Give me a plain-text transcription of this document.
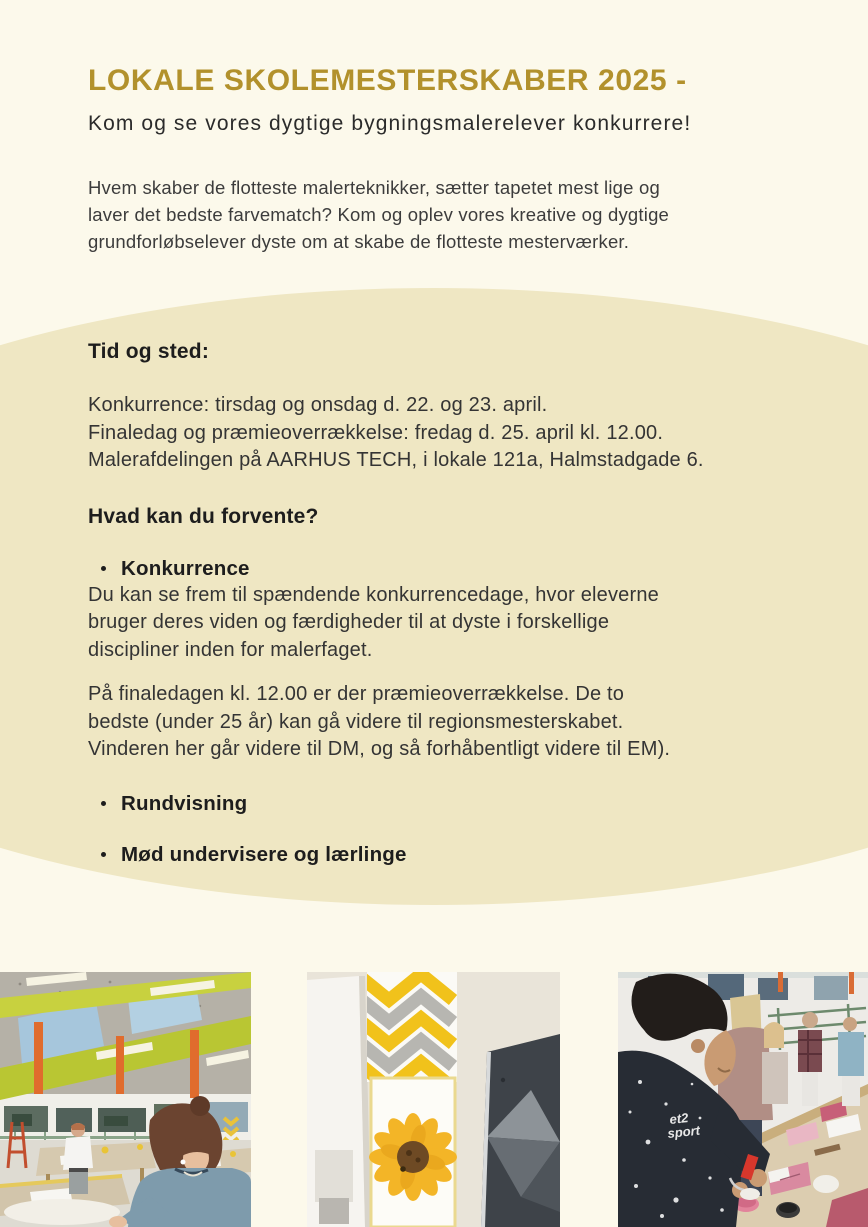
LOKALE SKOLEMESTERSKABER 2025 -

Kom og se vores dygtige bygningsmalerelever konkurrere!

Hvem skaber de flotteste malerteknikker, sætter tapetet mest lige og
laver det bedste farvematch? Kom og oplev vores kreative og dygtige
grundforløbselever dyste om at skabe de flotteste mesterværker.
Tid og sted:
Konkurrence: tirsdag og onsdag d. 22. og 23. april.
Finaledag og præmieoverrækkelse: fredag d. 25. april kl. 12.00.
Malerafdelingen på AARHUS TECH, i lokale 121a, Halmstadgade 6.
Hvad kan du forvente?
Konkurrence
Du kan se frem til spændende konkurrencedage, hvor eleverne
bruger deres viden og færdigheder til at dyste i forskellige
discipliner inden for malerfaget.
På finaledagen kl. 12.00 er der præmieoverrækkelse. De to
bedste (under 25 år) kan gå videre til regionsmesterskabet.
Vinderen her går videre til DM, og så forhåbentligt videre til EM).
Rundvisning
Mød undervisere og lærlinge
et2
sport
